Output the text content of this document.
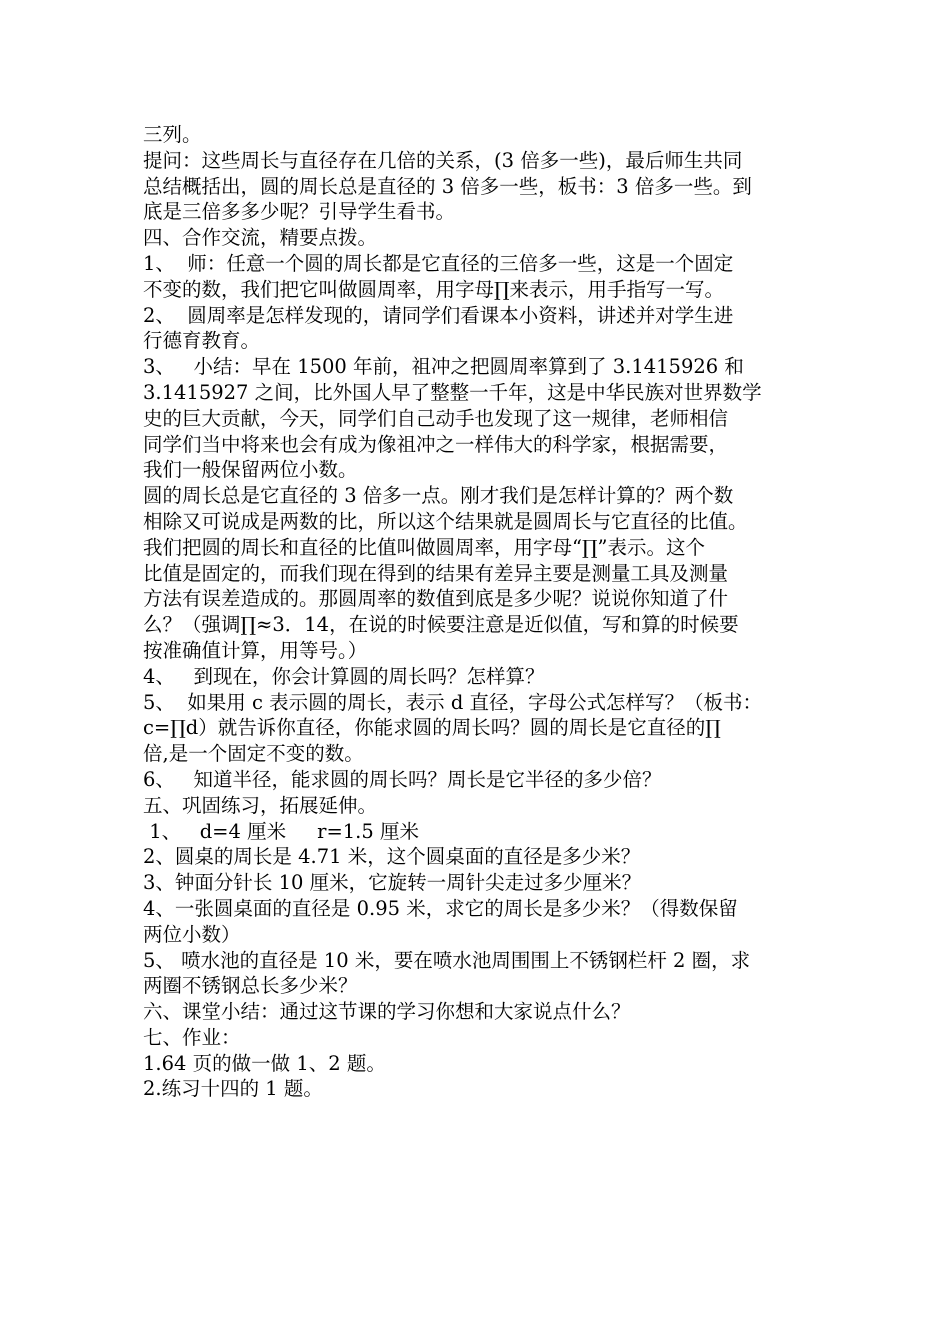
三列。
提问：这些周长与直径存在几倍的关系，(3 倍多一些)，最后师生共同
总结概括出，圆的周长总是直径的 3 倍多一些，板书：3 倍多一些。到
底是三倍多多少呢？引导学生看书。
四、合作交流，精要点拨。
1、  师：任意一个圆的周长都是它直径的三倍多一些，这是一个固定
不变的数，我们把它叫做圆周率，用字母∏来表示，用手指写一写。
2、  圆周率是怎样发现的，请同学们看课本小资料，讲述并对学生进
行德育教育。
3、   小结：早在 1500 年前，祖冲之把圆周率算到了 3.1415926 和
3.1415927 之间，比外国人早了整整一千年，这是中华民族对世界数学
史的巨大贡献，今天，同学们自己动手也发现了这一规律，老师相信
同学们当中将来也会有成为像祖冲之一样伟大的科学家，根据需要，
我们一般保留两位小数。
圆的周长总是它直径的 3 倍多一点。刚才我们是怎样计算的？两个数
相除又可说成是两数的比，所以这个结果就是圆周长与它直径的比值。
我们把圆的周长和直径的比值叫做圆周率，用字母“∏”表示。这个
比值是固定的，而我们现在得到的结果有差异主要是测量工具及测量
方法有误差造成的。那圆周率的数值到底是多少呢？说说你知道了什
么？（强调∏≈3．14，在说的时候要注意是近似值，写和算的时候要
按准确值计算，用等号。）
4、   到现在，你会计算圆的周长吗？怎样算？
5、  如果用 c 表示圆的周长，表示 d 直径，字母公式怎样写？（板书：
c=∏d）就告诉你直径，你能求圆的周长吗？圆的周长是它直径的∏
倍,是一个固定不变的数。
6、   知道半径，能求圆的周长吗？周长是它半径的多少倍？
五、巩固练习，拓展延伸。
1、   d=4 厘米     r=1.5 厘米
2、圆桌的周长是 4.71 米，这个圆桌面的直径是多少米？
3、钟面分针长 10 厘米，它旋转一周针尖走过多少厘米？
4、一张圆桌面的直径是 0.95 米，求它的周长是多少米？（得数保留
两位小数）
5、 喷水池的直径是 10 米，要在喷水池周围围上不锈钢栏杆 2 圈，求
两圈不锈钢总长多少米？
六、课堂小结：通过这节课的学习你想和大家说点什么？
七、作业：
1.64 页的做一做 1、2 题。
2.练习十四的 1 题。
